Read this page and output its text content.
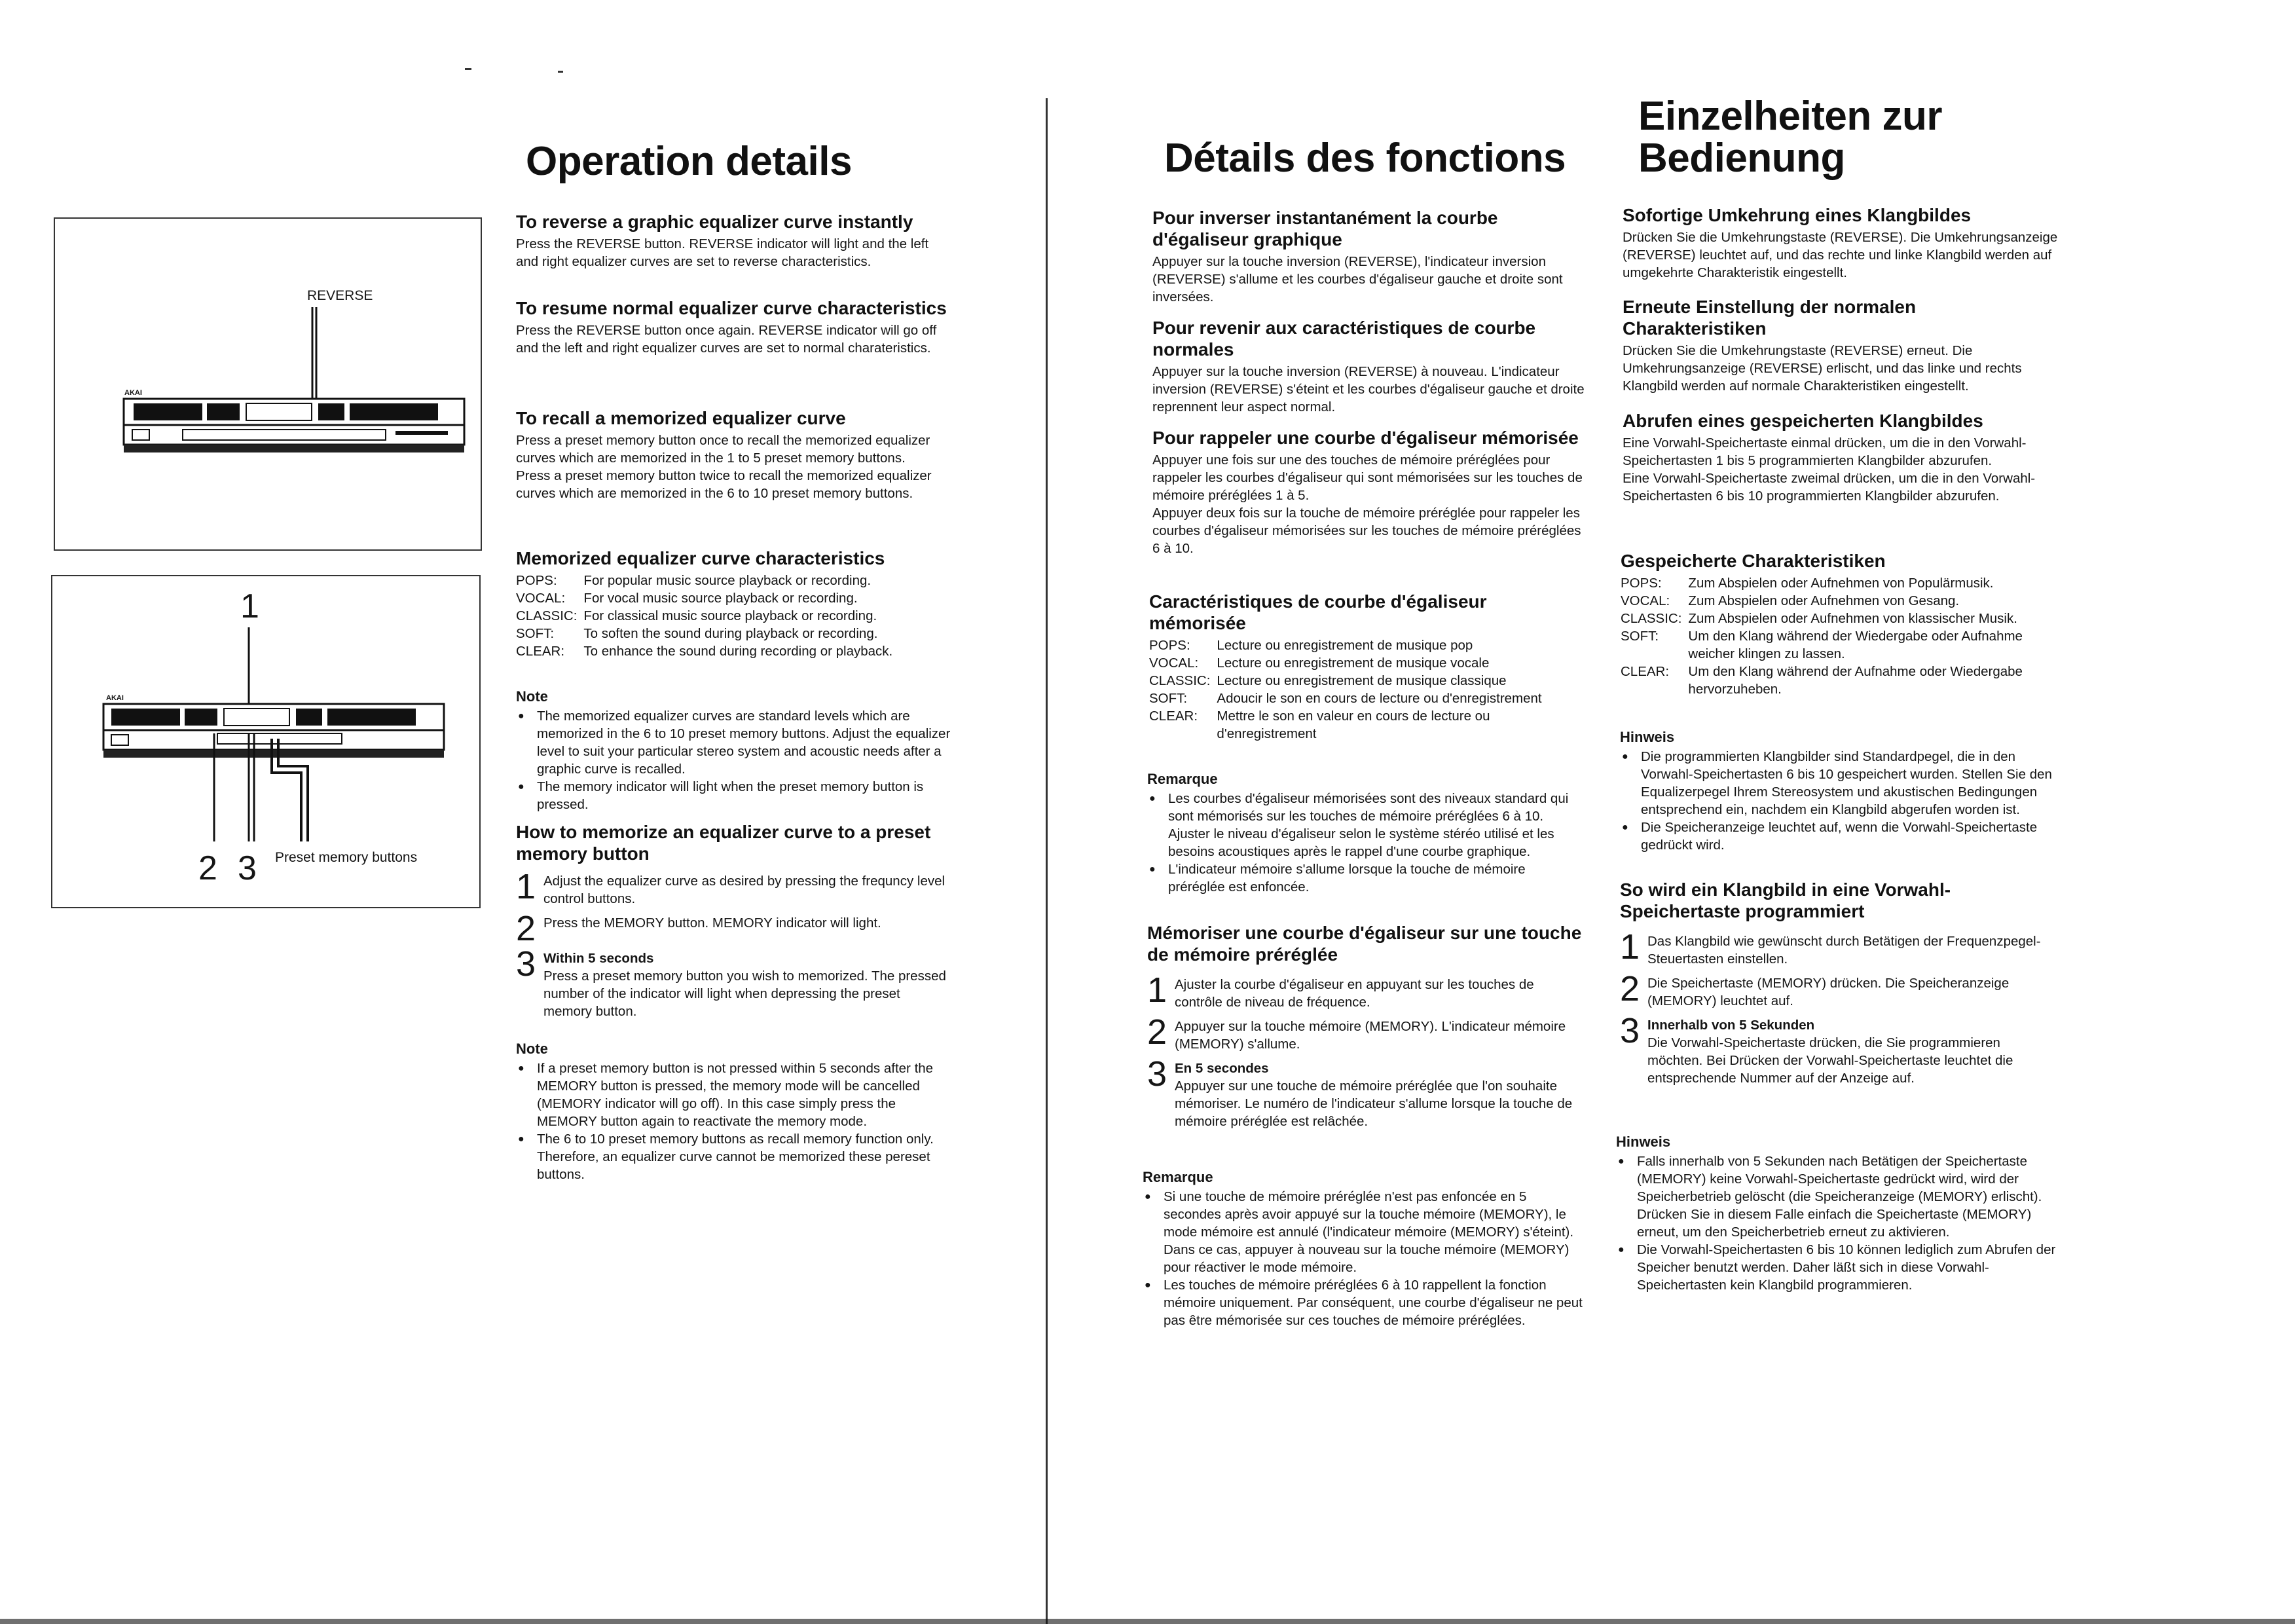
REVERSE
1
2 3 Preset memory buttons
Operation details
To reverse a graphic equalizer curve instantly

Press the REVERSE button. REVERSE indicator will light and the left and right equalizer curves are set to reverse characteristics.

To resume normal equalizer curve characteristics

Press the REVERSE button once again. REVERSE indicator will go off and the left and right equalizer curves are set to normal charateristics.

To recall a memorized equalizer curve

Press a preset memory button once to recall the memorized equalizer curves which are memorized in the 1 to 5 preset memory buttons.

Press a preset memory button twice to recall the memorized equalizer curves which are memorized in the 6 to 10 preset memory buttons.

Memorized equalizer curve characteristics
POPS:	For popular music source playback or recording.
VOCAL:	For vocal music source playback or recording.
CLASSIC:	For classical music source playback or recording.
SOFT:	To soften the sound during playback or recording.
CLEAR:	To enhance the sound during recording or playback.
Note
● The memorized equalizer curves are standard levels which are memorized in the 6 to 10 preset memory buttons. Adjust the equalizer level to suit your particular stereo system and acoustic needs after a graphic curve is recalled.
● The memory indicator will light when the preset memory button is pressed.
How to memorize an equalizer curve to a preset memory button
1 Adjust the equalizer curve as desired by pressing the frequncy level control buttons.
2 Press the MEMORY button. MEMORY indicator will light.
3 Within 5 seconds
Press a preset memory button you wish to memorized. The pressed number of the indicator will light when depressing the preset memory button.
Note
● If a preset memory button is not pressed within 5 seconds after the MEMORY button is pressed, the memory mode will be cancelled (MEMORY indicator will go off). In this case simply press the MEMORY button again to reactivate the memory mode.
● The 6 to 10 preset memory buttons as recall memory function only. Therefore, an equalizer curve cannot be memorized these pereset buttons.
Détails des fonctions
Pour inverser instantanément la courbe d'égaliseur graphique

Appuyer sur la touche inversion (REVERSE), l'indicateur inversion (REVERSE) s'allume et les courbes d'égaliseur gauche et droite sont inversées.

Pour revenir aux caractéristiques de courbe normales

Appuyer sur la touche inversion (REVERSE) à nouveau. L'indicateur inversion (REVERSE) s'éteint et les courbes d'égaliseur gauche et droite reprennent leur aspect normal.

Pour rappeler une courbe d'égaliseur mémorisée

Appuyer une fois sur une des touches de mémoire préréglées pour rappeler les courbes d'égaliseur qui sont mémorisées sur les touches de mémoire préréglées 1 à 5.

Appuyer deux fois sur la touche de mémoire préréglée pour rappeler les courbes d'égaliseur mémorisées sur les touches de mémoire préréglées 6 à 10.

Caractéristiques de courbe d'égaliseur mémorisée
POPS:	Lecture ou enregistrement de musique pop
VOCAL:	Lecture ou enregistrement de musique vocale
CLASSIC:	Lecture ou enregistrement de musique classique
SOFT:	Adoucir le son en cours de lecture ou d'enregistrement
CLEAR:	Mettre le son en valeur en cours de lecture ou d'enregistrement
Remarque
● Les courbes d'égaliseur mémorisées sont des niveaux standard qui sont mémorisés sur les touches de mémoire préréglées 6 à 10. Ajuster le niveau d'égaliseur selon le système stéréo utilisé et les besoins acoustiques après le rappel d'une courbe graphique.
● L'indicateur mémoire s'allume lorsque la touche de mémoire préréglée est enfoncée.
Mémoriser une courbe d'égaliseur sur une touche de mémoire préréglée
1 Ajuster la courbe d'égaliseur en appuyant sur les touches de contrôle de niveau de fréquence.
2 Appuyer sur la touche mémoire (MEMORY). L'indicateur mémoire (MEMORY) s'allume.
3 En 5 secondes
Appuyer sur une touche de mémoire préréglée que l'on souhaite mémoriser. Le numéro de l'indicateur s'allume lorsque la touche de mémoire préréglée est relâchée.
Remarque
● Si une touche de mémoire préréglée n'est pas enfoncée en 5 secondes après avoir appuyé sur la touche mémoire (MEMORY), le mode mémoire est annulé (l'indicateur mémoire (MEMORY) s'éteint). Dans ce cas, appuyer à nouveau sur la touche mémoire (MEMORY) pour réactiver le mode mémoire.
● Les touches de mémoire préréglées 6 à 10 rappellent la fonction mémoire uniquement. Par conséquent, une courbe d'égaliseur ne peut pas être mémorisée sur ces touches de mémoire préréglées.
Einzelheiten zur Bedienung
Sofortige Umkehrung eines Klangbildes

Drücken Sie die Umkehrungstaste (REVERSE). Die Umkehrungsanzeige (REVERSE) leuchtet auf, und das rechte und linke Klangbild werden auf umgekehrte Charakteristik eingestellt.

Erneute Einstellung der normalen Charakteristiken

Drücken Sie die Umkehrungstaste (REVERSE) erneut. Die Umkehrungsanzeige (REVERSE) erlischt, und das linke und rechts Klangbild werden auf normale Charakteristiken eingestellt.

Abrufen eines gespeicherten Klangbildes

Eine Vorwahl-Speichertaste einmal drücken, um die in den Vorwahl-Speichertasten 1 bis 5 programmierten Klangbilder abzurufen.

Eine Vorwahl-Speichertaste zweimal drücken, um die in den Vorwahl-Speichertasten 6 bis 10 programmierten Klangbilder abzurufen.

Gespeicherte Charakteristiken
POPS:	Zum Abspielen oder Aufnehmen von Populärmusik.
VOCAL:	Zum Abspielen oder Aufnehmen von Gesang.
CLASSIC:	Zum Abspielen oder Aufnehmen von klassischer Musik.
SOFT:	Um den Klang während der Wiedergabe oder Aufnahme weicher klingen zu lassen.
CLEAR:	Um den Klang während der Aufnahme oder Wiedergabe hervorzuheben.
Hinweis
● Die programmierten Klangbilder sind Standardpegel, die in den Vorwahl-Speichertasten 6 bis 10 gespeichert wurden. Stellen Sie den Equalizerpegel Ihrem Stereosystem und akustischen Bedingungen entsprechend ein, nachdem ein Klangbild abgerufen worden ist.
● Die Speicheranzeige leuchtet auf, wenn die Vorwahl-Speichertaste gedrückt wird.
So wird ein Klangbild in eine Vorwahl-Speichertaste programmiert
1 Das Klangbild wie gewünscht durch Betätigen der Frequenzpegel-Steuertasten einstellen.
2 Die Speichertaste (MEMORY) drücken. Die Speicheranzeige (MEMORY) leuchtet auf.
3 Innerhalb von 5 Sekunden
Die Vorwahl-Speichertaste drücken, die Sie programmieren möchten. Bei Drücken der Vorwahl-Speichertaste leuchtet die entsprechende Nummer auf der Anzeige auf.
Hinweis
● Falls innerhalb von 5 Sekunden nach Betätigen der Speichertaste (MEMORY) keine Vorwahl-Speichertaste gedrückt wird, wird der Speicherbetrieb gelöscht (die Speicheranzeige (MEMORY) erlischt). Drücken Sie in diesem Falle einfach die Speichertaste (MEMORY) erneut, um den Speicherbetrieb erneut zu aktivieren.
● Die Vorwahl-Speichertasten 6 bis 10 können lediglich zum Abrufen der Speicher benutzt werden. Daher läßt sich in diese Vorwahl-Speichertasten kein Klangbild programmieren.
AKAI
AKAI
